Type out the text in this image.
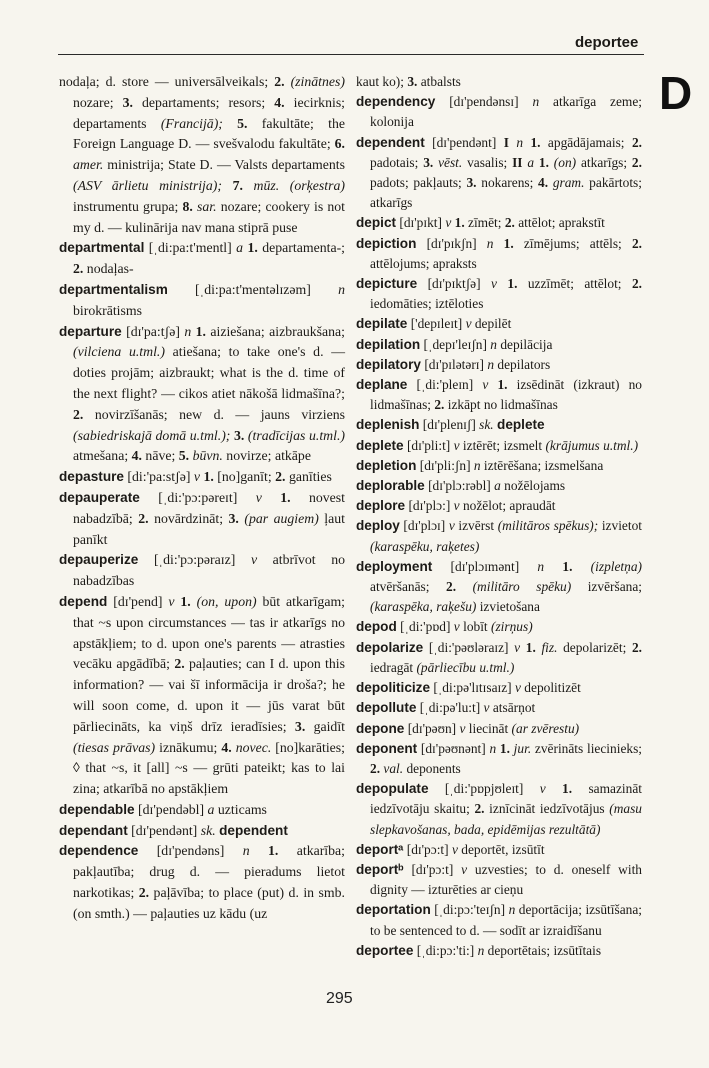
deportee
D

nodaļa; d. store — universālveikals; 2. (zinātnes) nozare; 3. departaments; resors; 4. iecirknis; departaments (Francijā); 5. fakultāte; the Foreign Language D. — svešvalodu fakultāte; 6. amer. ministrija; State D. — Valsts departaments (ASV ārlietu ministrija); 7. mūz. (orķestra) instrumentu grupa; 8. sar. nozare; cookery is not my d. — kulinārija nav mana stiprā puse

departmental [ˌdi:pa:t'mentl] a 1. departamenta-; 2. nodaļas-

departmentalism [ˌdi:pa:t'mentəlɪzəm] n birokrātisms

departure [dɪ'pa:tʃə] n 1. aiziešana; aizbraukšana; (vilciena u.tml.) atiešana; to take one's d. — doties projām; aizbraukt; what is the d. time of the next flight? — cikos atiet nākošā lidmašīna?; 2. novirzīšanās; new d. — jauns virziens (sabiedriskajā domā u.tml.); 3. (tradīcijas u.tml.) atmešana; 4. nāve; 5. būvn. novirze; atkāpe

depasture [di:'pa:stʃə] v 1. [no]ganīt; 2. ganīties

depauperate [ˌdi:'pɔ:pəreɪt] v 1. novest nabadzībā; 2. novārdzināt; 3. (par augiem) ļaut panīkt

depauperize [ˌdi:'pɔ:pəraɪz] v atbrīvot no nabadzības

depend [dɪ'pend] v 1. (on, upon) būt atkarīgam; that ~s upon circumstances — tas ir atkarīgs no apstākļiem; to d. upon one's parents — atrasties vecāku apgādībā; 2. paļauties; can I d. upon this information? — vai šī informācija ir droša?; he will soon come, d. upon it — jūs varat būt pārliecināts, ka viņš drīz ieradīsies; 3. gaidīt (tiesas prāvas) iznākumu; 4. novec. [no]karāties; ◊ that ~s, it [all] ~s — grūti pateikt; kas to lai zina; atkarībā no apstākļiem

dependable [dɪ'pendəbl] a uzticams

dependant [dɪ'pendənt] sk. dependent

dependence [dɪ'pendəns] n 1. atkarība; pakļautība; drug d. — pieradums lietot narkotikas; 2. paļāvība; to place (put) d. in smb. (on smth.) — paļauties uz kādu (uz

kaut ko); 3. atbalsts

dependency [dɪ'pendənsɪ] n atkarīga zeme; kolonija

dependent [dɪ'pendənt] I n 1. apgādājamais; 2. padotais; 3. vēst. vasalis; II a 1. (on) atkarīgs; 2. padots; pakļauts; 3. nokarens; 4. gram. pakārtots; atkarīgs

depict [dɪ'pɪkt] v 1. zīmēt; 2. attēlot; aprakstīt

depiction [dɪ'pɪkʃn] n 1. zīmējums; attēls; 2. attēlojums; apraksts

depicture [dɪ'pɪktʃə] v 1. uzzīmēt; attēlot; 2. iedomāties; iztēloties

depilate ['depɪleɪt] v depilēt

depilation [ˌdepɪ'leɪʃn] n depilācija

depilatory [dɪ'pɪlətərɪ] n depilators

deplane [ˌdi:'pleɪn] v 1. izsēdināt (izkraut) no lidmašīnas; 2. izkāpt no lidmašīnas

deplenish [dɪ'plenɪʃ] sk. deplete

deplete [dɪ'pli:t] v iztērēt; izsmelt (krājumus u.tml.)

depletion [dɪ'pli:ʃn] n iztērēšana; izsmelšana

deplorable [dɪ'plɔ:rəbl] a nožēlojams

deplore [dɪ'plɔ:] v nožēlot; apraudāt

deploy [dɪ'plɔɪ] v izvērst (militāros spēkus); izvietot (karaspēku, raķetes)

deployment [dɪ'plɔɪmənt] n 1. (izpletņa) atvēršanās; 2. (militāro spēku) izvēršana; (karaspēka, raķešu) izvietošana

depod [ˌdi:'pɒd] v lobīt (zirņus)

depolarize [ˌdi:'pəʊləraɪz] v 1. fiz. depolarizēt; 2. iedragāt (pārliecību u.tml.)

depoliticize [ˌdi:pə'lɪtɪsaɪz] v depolitizēt

depollute [ˌdi:pə'lu:t] v atsārņot

depone [dɪ'pəʊn] v liecināt (ar zvērestu)

deponent [dɪ'pəʊnənt] n 1. jur. zvērināts liecinieks; 2. val. deponents

depopulate [ˌdi:'pɒpjʊleɪt] v 1. samazināt iedzīvotāju skaitu; 2. iznīcināt iedzīvotājus (masu slepkavošanas, bada, epidēmijas rezultātā)

deportᵃ [dɪ'pɔ:t] v deportēt, izsūtīt

deportᵇ [dɪ'pɔ:t] v uzvesties; to d. oneself with dignity — izturēties ar cieņu

deportation [ˌdi:pɔ:'teɪʃn] n deportācija; izsūtīšana; to be sentenced to d. — sodīt ar izraidīšanu

deportee [ˌdi:pɔ:'ti:] n deportētais; izsūtītais

295
